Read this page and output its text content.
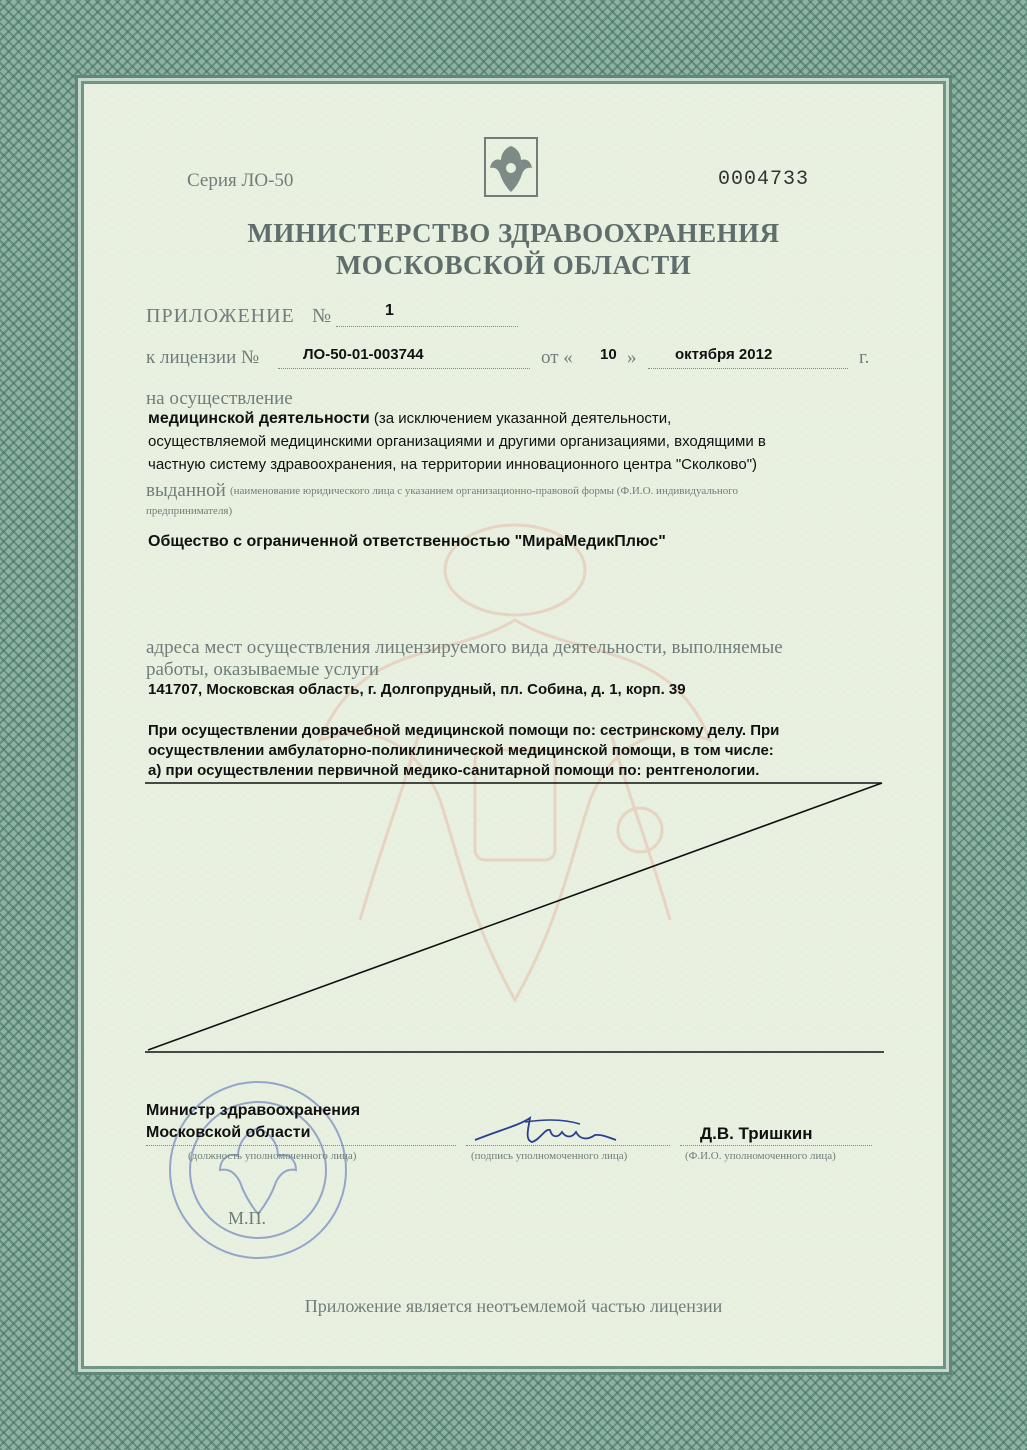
Серия ЛО-50	0004733
МИНИСТЕРСТВО ЗДРАВООХРАНЕНИЯ
МОСКОВСКОЙ ОБЛАСТИ
ПРИЛОЖЕНИЕ №	1
к лицензии №	ЛО-50-01-003744	от « 10 »	октября 2012	г.
на осуществление
медицинской деятельности (за исключением указанной деятельности,
осуществляемой медицинскими организациями и другими организациями, входящими в
частную систему здравоохранения, на территории инновационного центра "Сколково")
выданной (наименование юридического лица с указанием организационно-правовой формы (Ф.И.О. индивидуального
предпринимателя)
Общество с ограниченной ответственностью "МираМедикПлюс"
адреса мест осуществления лицензируемого вида деятельности, выполняемые
работы, оказываемые услуги
141707, Московская область, г. Долгопрудный, пл. Собина, д. 1, корп. 39
При осуществлении доврачебной медицинской помощи по: сестринскому делу. При
осуществлении амбулаторно-поликлинической медицинской помощи, в том числе:
а) при осуществлении первичной медико-санитарной помощи по: рентгенологии.
Министр здравоохранения
Московской области
(должность уполномоченного лица)	(подпись уполномоченного лица)
Д.В. Тришкин
(Ф.И.О. уполномоченного лица)
М.П.
Приложение является неотъемлемой частью лицензии
